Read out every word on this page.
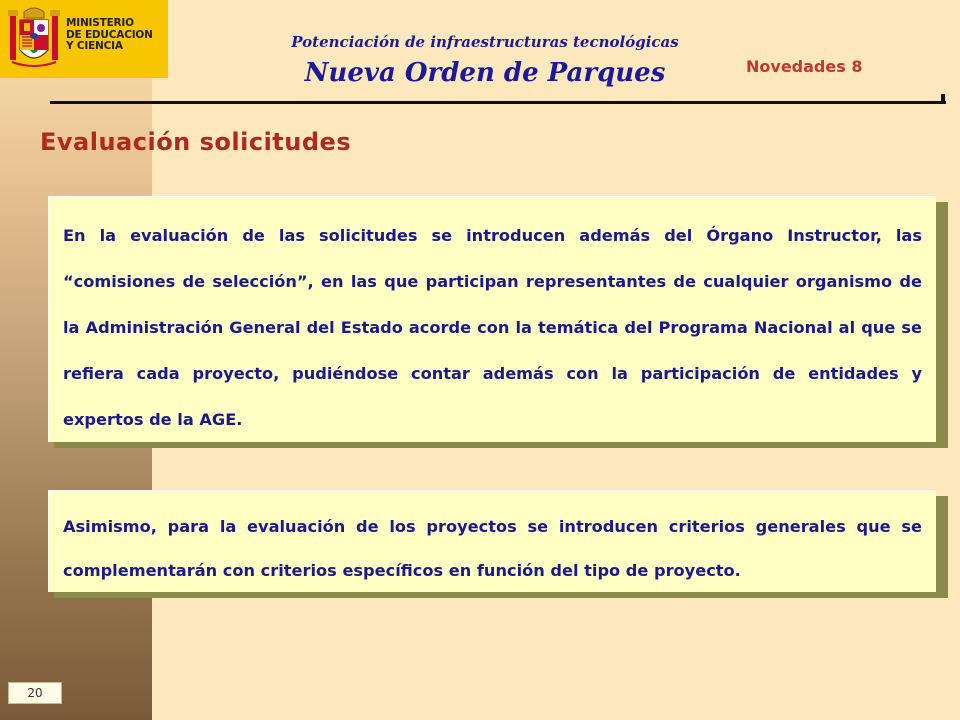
MINISTERIO
DE EDUCACION
Y CIENCIA	Potenciación de infraestructuras tecnológicas
Nueva Orden de Parques	Novedades 8
Evaluación solicitudes
En la evaluación de las solicitudes se introducen además del Órgano Instructor, las “comisiones de selección”, en las que participan representantes de cualquier organismo de la Administración General del Estado acorde con la temática del Programa Nacional al que se refiera cada proyecto, pudiéndose contar además con la participación de entidades y expertos de la AGE.
Asimismo, para la evaluación de los proyectos se introducen criterios generales que se complementarán con criterios específicos en función del tipo de proyecto.
20
